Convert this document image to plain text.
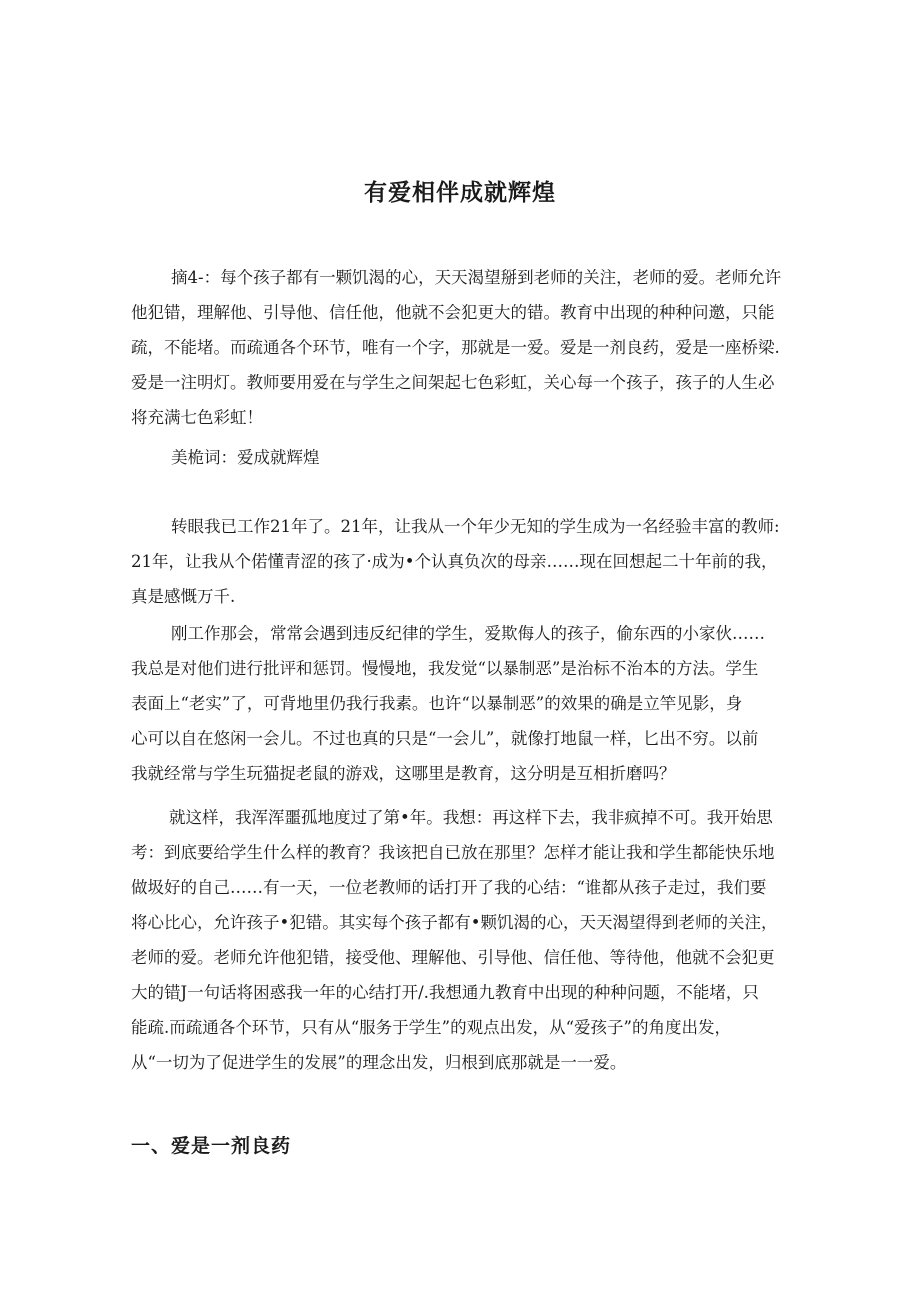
有爱相伴成就辉煌
摘4-：每个孩子都有一颗饥渴的心，天天渴望掰到老师的关注，老师的爱。老师允许
他犯错，理解他、引导他、信任他，他就不会犯更大的错。教育中出现的种种问邀，只能
疏，不能堵。而疏通各个环节，唯有一个字，那就是一爱。爱是一剂良药，爱是一座桥梁.
爱是一注明灯。教师要用爱在与学生之间架起七色彩虹，关心每一个孩子，孩子的人生必
将充满七色彩虹！
美桅词：爱成就辉煌
转眼我已工作21年了。21年，让我从一个年少无知的学生成为一名经验丰富的教师:
21年，让我从个偌懂青涩的孩了·成为•个认真负次的母亲……现在回想起二十年前的我，
真是感慨万千.
刚工作那会，常常会遇到违反纪律的学生，爱欺侮人的孩子，偷东西的小家伙……
我总是对他们进行批评和惩罚。慢慢地，我发觉“以暴制恶”是治标不治本的方法。学生
表面上“老实”了，可背地里仍我行我素。也许“以暴制恶”的效果的确是立竿见影，身
心可以自在悠闲一会儿。不过也真的只是“一会儿”，就像打地鼠一样，匕出不穷。以前
我就经常与学生玩猫捉老鼠的游戏，这哪里是教育，这分明是互相折磨吗？
就这样，我浑浑噩孤地度过了第•年。我想：再这样下去，我非疯掉不可。我开始思
考：到底要给学生什么样的教育？我该把自已放在那里？怎样才能让我和学生都能快乐地
做圾好的自己……有一天，一位老教师的话打开了我的心结：“谁都从孩子走过，我们要
将心比心，允许孩子•犯错。其实每个孩子都有•颗饥渴的心，天天渴望得到老师的关注，
老师的爱。老师允许他犯错，接受他、理解他、引导他、信任他、等待他，他就不会犯更
大的错J一句话将困惑我一年的心结打开/.我想通九教育中出现的种种问题，不能堵，只
能疏.而疏通各个环节，只有从“服务于学生”的观点出发，从“爱孩子”的角度出发，
从“一切为了促进学生的发展”的理念出发，归根到底那就是一一爱。
一、爱是一剂良药
